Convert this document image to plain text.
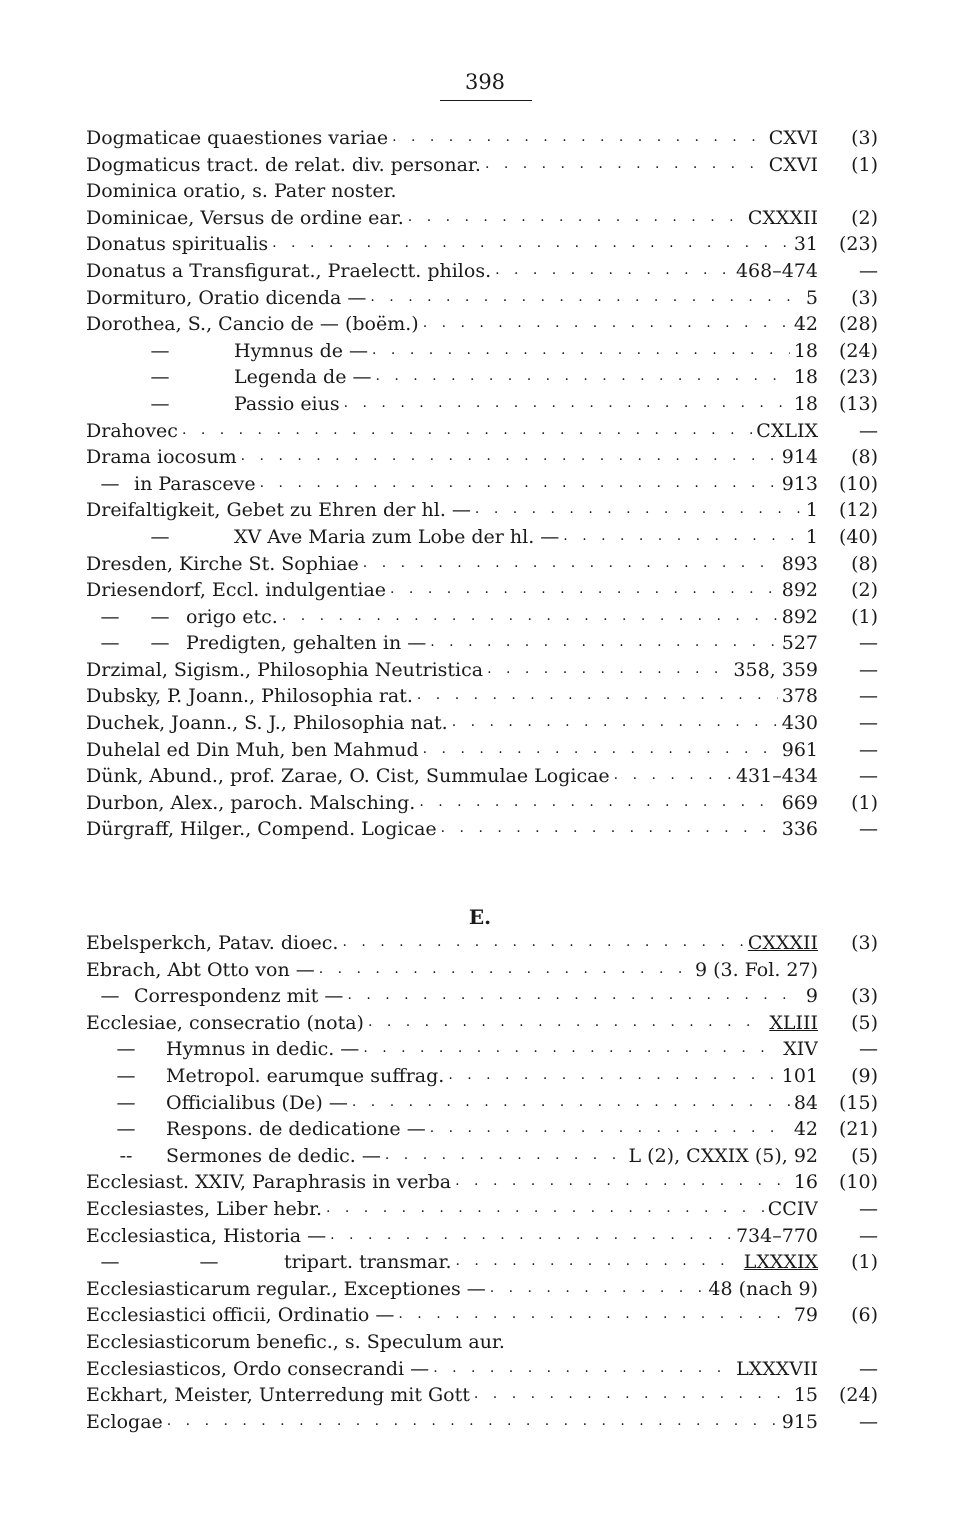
398
Dogmaticae quaestiones variae . . .	CXVI	(3)
Dogmaticus tract. de relat. div. personar. . . .	CXVI	(1)
Dominica oratio, s. Pater noster.
Dominicae, Versus de ordine ear. . . .	CXXXII	(2)
Donatus spiritualis . . .	31	(23)
Donatus a Transfigurat., Praelectt. philos. . . .	468–474	—
Dormituro, Oratio dicenda — . . .	5	(3)
Dorothea, S., Cancio de — (boëm.) . . .	42	(28)
—	Hymnus de — . . .	18	(24)
—	Legenda de — . . .	18	(23)
—	Passio eius . . .	18	(13)
Drahovec . . .	CXLIX	—
Drama iocosum . . .	914	(8)
— in Parasceve . . .	913	(10)
Dreifaltigkeit, Gebet zu Ehren der hl. — . . .	1	(12)
—	XV Ave Maria zum Lobe der hl. — . . .	1	(40)
Dresden, Kirche St. Sophiae . . .	893	(8)
Driesendorf, Eccl. indulgentiae . . .	892	(2)
—	— origo etc. . . .	892	(1)
—	— Predigten, gehalten in — . . .	527	—
Drzimal, Sigism., Philosophia Neutristica . . .	358, 359	—
Dubsky, P. Joann., Philosophia rat. . . .	378	—
Duchek, Joann., S. J., Philosophia nat. . . .	430	—
Duhelal ed Din Muh, ben Mahmud . . .	961	—
Dünk, Abund., prof. Zarae, O. Cist, Summulae Logicae . . .	431–434	—
Durbon, Alex., paroch. Malsching. . . .	669	(1)
Dürgraff, Hilger., Compend. Logicae . . .	336	—
E.
Ebelsperkch, Patav. dioec. . . .	CXXXII	(3)
Ebrach, Abt Otto von — . . .	9 (3. Fol. 27)
— Correspondenz mit — . . .	9	(3)
Ecclesiae, consecratio (nota) . . .	XLIII	(5)
—	Hymnus in dedic. — . . .	XIV	—
—	Metropol. earumque suffrag. . . .	101	(9)
—	Officialibus (De) — . . .	84	(15)
—	Respons. de dedicatione — . . .	42	(21)
--	Sermones de dedic. — . . .	L (2), CXXIX (5), 92	(5)
Ecclesiast. XXIV, Paraphrasis in verba . . .	16	(10)
Ecclesiastes, Liber hebr. . . .	CCIV	—
Ecclesiastica, Historia — . . .	734–770	—
—	—	tripart. transmar. . . .	LXXXIX	(1)
Ecclesiasticarum regular., Exceptiones — . . .	48 (nach 9)
Ecclesiastici officii, Ordinatio — . . .	79	(6)
Ecclesiasticorum benefic., s. Speculum aur.
Ecclesiasticos, Ordo consecrandi — . . .	LXXXVII	—
Eckhart, Meister, Unterredung mit Gott . . .	15	(24)
Eclogae . . .	915	—
